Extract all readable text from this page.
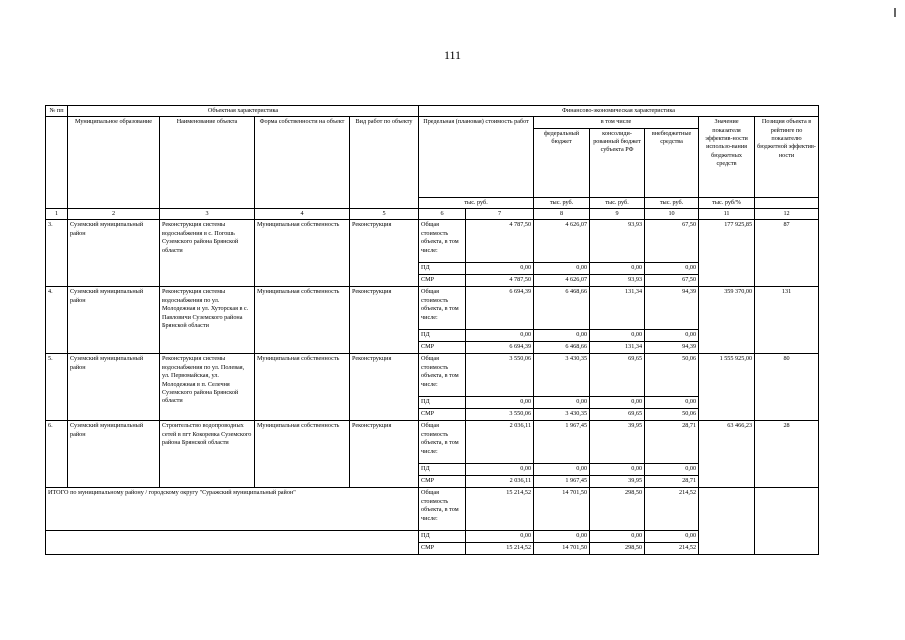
111
№ пп	Объектная характеристика				Финансово-экономическая характеристика						
	Муниципальное образование	Наименование объекта	Форма собственности на объект	Вид работ по объекту	Предельная (плановая) стоимость работ		в том числе			Значение показателя эффектив-ности использо-вания бюджетных средств	Позиция объекта в рейтинге по показателю бюджетной эффектив-ности
							федеральный бюджет	консолиди-рованный бюджет субъекта РФ	внебюджетные средства		
					тыс. руб.		тыс. руб.	тыс. руб.	тыс. руб.	тыс. руб/%	
1	2	3	4	5	6	7	8	9	10	11	12
3.	Суземский муниципальный район	Реконструкция системы водоснабжения в с. Погошь Суземского района Брянской области	Муниципальная собственность	Реконструкция	Общая стоимость объекта, в том числе:	4 787,50	4 626,07	93,93	67,50	177 925,85	87
					ПД	0,00	0,00	0,00	0,00		
					СМР	4 787,50	4 626,07	93,93	67,50		
4.	Суземский муниципальный район	Реконструкция системы водоснабжения по ул. Молодежная и ул. Хуторская в с. Павловичи Суземского района Брянской области	Муниципальная собственность	Реконструкция	Общая стоимость объекта, в том числе:	6 694,39	6 468,66	131,34	94,39	359 370,00	131
					ПД	0,00	0,00	0,00	0,00		
					СМР	6 694,39	6 468,66	131,34	94,39		
5.	Суземский муниципальный район	Реконструкция системы водоснабжения по ул. Полевая, ул. Первомайская, ул. Молодежная в п. Селечня Суземского района Брянской области	Муниципальная собственность	Реконструкция	Общая стоимость объекта, в том числе:	3 550,06	3 430,35	69,65	50,06	1 555 925,00	80
					ПД	0,00	0,00	0,00	0,00		
					СМР	3 550,06	3 430,35	69,65	50,06		
6.	Суземский муниципальный район	Строительство водопроводных сетей в пгт Кокоревка Суземского района Брянской области	Муниципальная собственность	Реконструкция	Общая стоимость объекта, в том числе:	2 036,11	1 967,45	39,95	28,71	63 466,23	28
					ПД	0,00	0,00	0,00	0,00		
					СМР	2 036,11	1 967,45	39,95	28,71		
ИТОГО по муниципальному району / городскому округу "Суражский муниципальный район"					Общая стоимость объекта, в том числе:	15 214,52	14 701,50	298,50	214,52		
					ПД	0,00	0,00	0,00	0,00		
					СМР	15 214,52	14 701,50	298,50	214,52		
